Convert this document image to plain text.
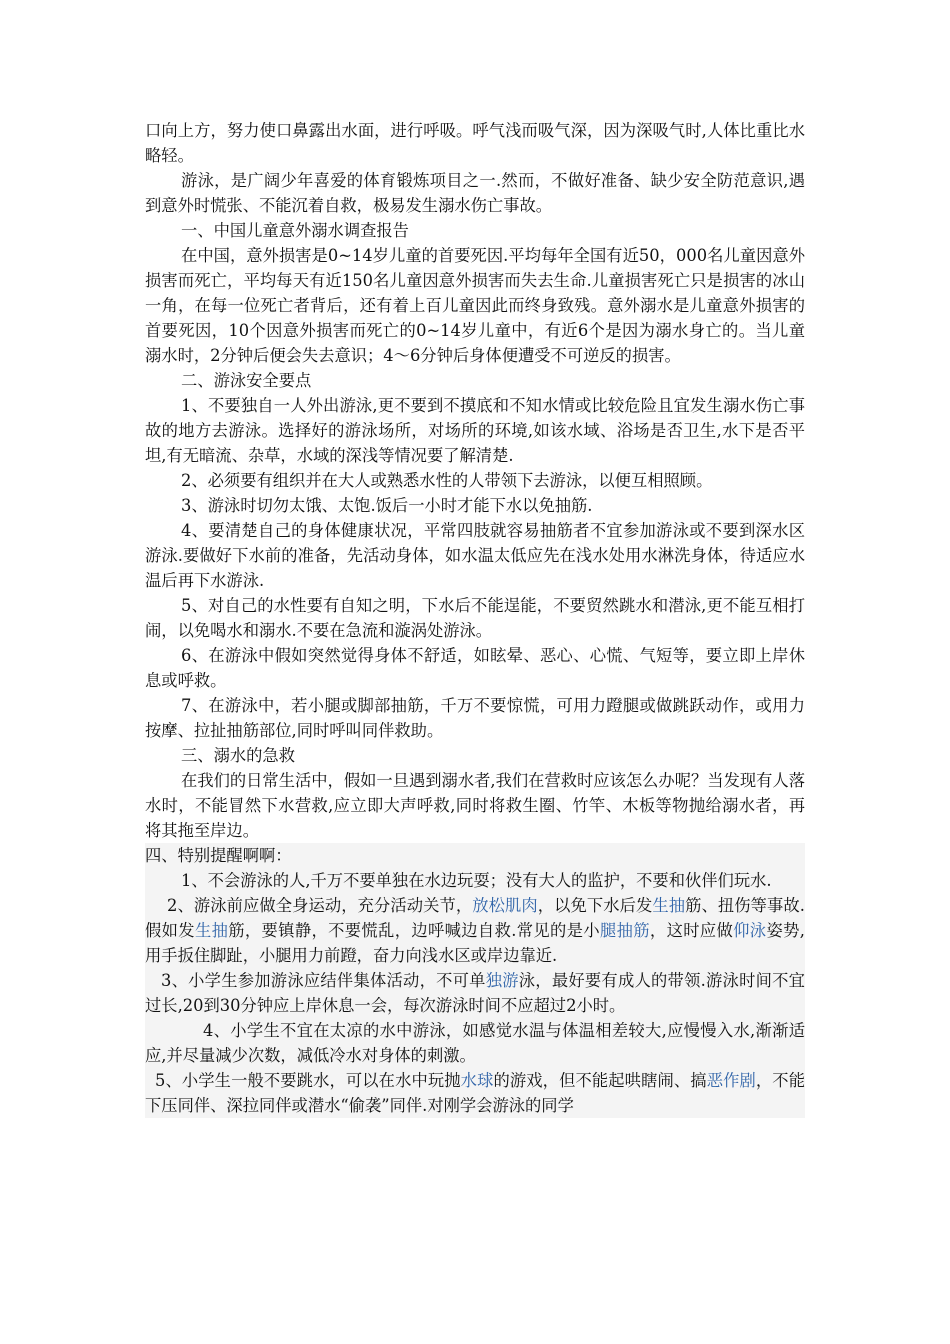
口向上方，努力使口鼻露出水面，进行呼吸。呼气浅而吸气深，因为深吸气时,人体比重比水略轻。

游泳，是广阔少年喜爱的体育锻炼项目之一.然而，不做好准备、缺少安全防范意识,遇到意外时慌张、不能沉着自救，极易发生溺水伤亡事故。

一、中国儿童意外溺水调查报告

在中国，意外损害是0~14岁儿童的首要死因.平均每年全国有近50，000名儿童因意外损害而死亡，平均每天有近150名儿童因意外损害而失去生命.儿童损害死亡只是损害的冰山一角，在每一位死亡者背后，还有着上百儿童因此而终身致残。意外溺水是儿童意外损害的首要死因，10个因意外损害而死亡的0~14岁儿童中，有近6个是因为溺水身亡的。当儿童溺水时，2分钟后便会失去意识；4～6分钟后身体便遭受不可逆反的损害。

二、游泳安全要点

1、不要独自一人外出游泳,更不要到不摸底和不知水情或比较危险且宜发生溺水伤亡事故的地方去游泳。选择好的游泳场所，对场所的环境,如该水域、浴场是否卫生,水下是否平坦,有无暗流、杂草，水域的深浅等情况要了解清楚.

2、必须要有组织并在大人或熟悉水性的人带领下去游泳，以便互相照顾。

3、游泳时切勿太饿、太饱.饭后一小时才能下水以免抽筋.

4、要清楚自己的身体健康状况，平常四肢就容易抽筋者不宜参加游泳或不要到深水区游泳.要做好下水前的准备，先活动身体，如水温太低应先在浅水处用水淋洗身体，待适应水温后再下水游泳.

5、对自己的水性要有自知之明，下水后不能逞能，不要贸然跳水和潜泳,更不能互相打闹，以免喝水和溺水.不要在急流和漩涡处游泳。

6、在游泳中假如突然觉得身体不舒适，如眩晕、恶心、心慌、气短等，要立即上岸休息或呼救。

7、在游泳中，若小腿或脚部抽筋，千万不要惊慌，可用力蹬腿或做跳跃动作，或用力按摩、拉扯抽筋部位,同时呼叫同伴救助。

三、溺水的急救

在我们的日常生活中，假如一旦遇到溺水者,我们在营救时应该怎么办呢？当发现有人落水时，不能冒然下水营救,应立即大声呼救,同时将救生圈、竹竿、木板等物抛给溺水者，再将其拖至岸边。

四、特别提醒啊啊：

1、不会游泳的人,千万不要单独在水边玩耍；没有大人的监护，不要和伙伴们玩水.

2、游泳前应做全身运动，充分活动关节，放松肌肉，以免下水后发生抽筋、扭伤等事故.假如发生抽筋，要镇静，不要慌乱，边呼喊边自救.常见的是小腿抽筋，这时应做仰泳姿势,用手扳住脚趾，小腿用力前蹬，奋力向浅水区或岸边靠近.

3、小学生参加游泳应结伴集体活动，不可单独游泳，最好要有成人的带领.游泳时间不宜过长,20到30分钟应上岸休息一会，每次游泳时间不应超过2小时。

4、小学生不宜在太凉的水中游泳，如感觉水温与体温相差较大,应慢慢入水,渐渐适应,并尽量减少次数，减低冷水对身体的刺激。

5、小学生一般不要跳水，可以在水中玩抛水球的游戏，但不能起哄瞎闹、搞恶作剧，不能下压同伴、深拉同伴或潜水“偷袭”同伴.对刚学会游泳的同学
